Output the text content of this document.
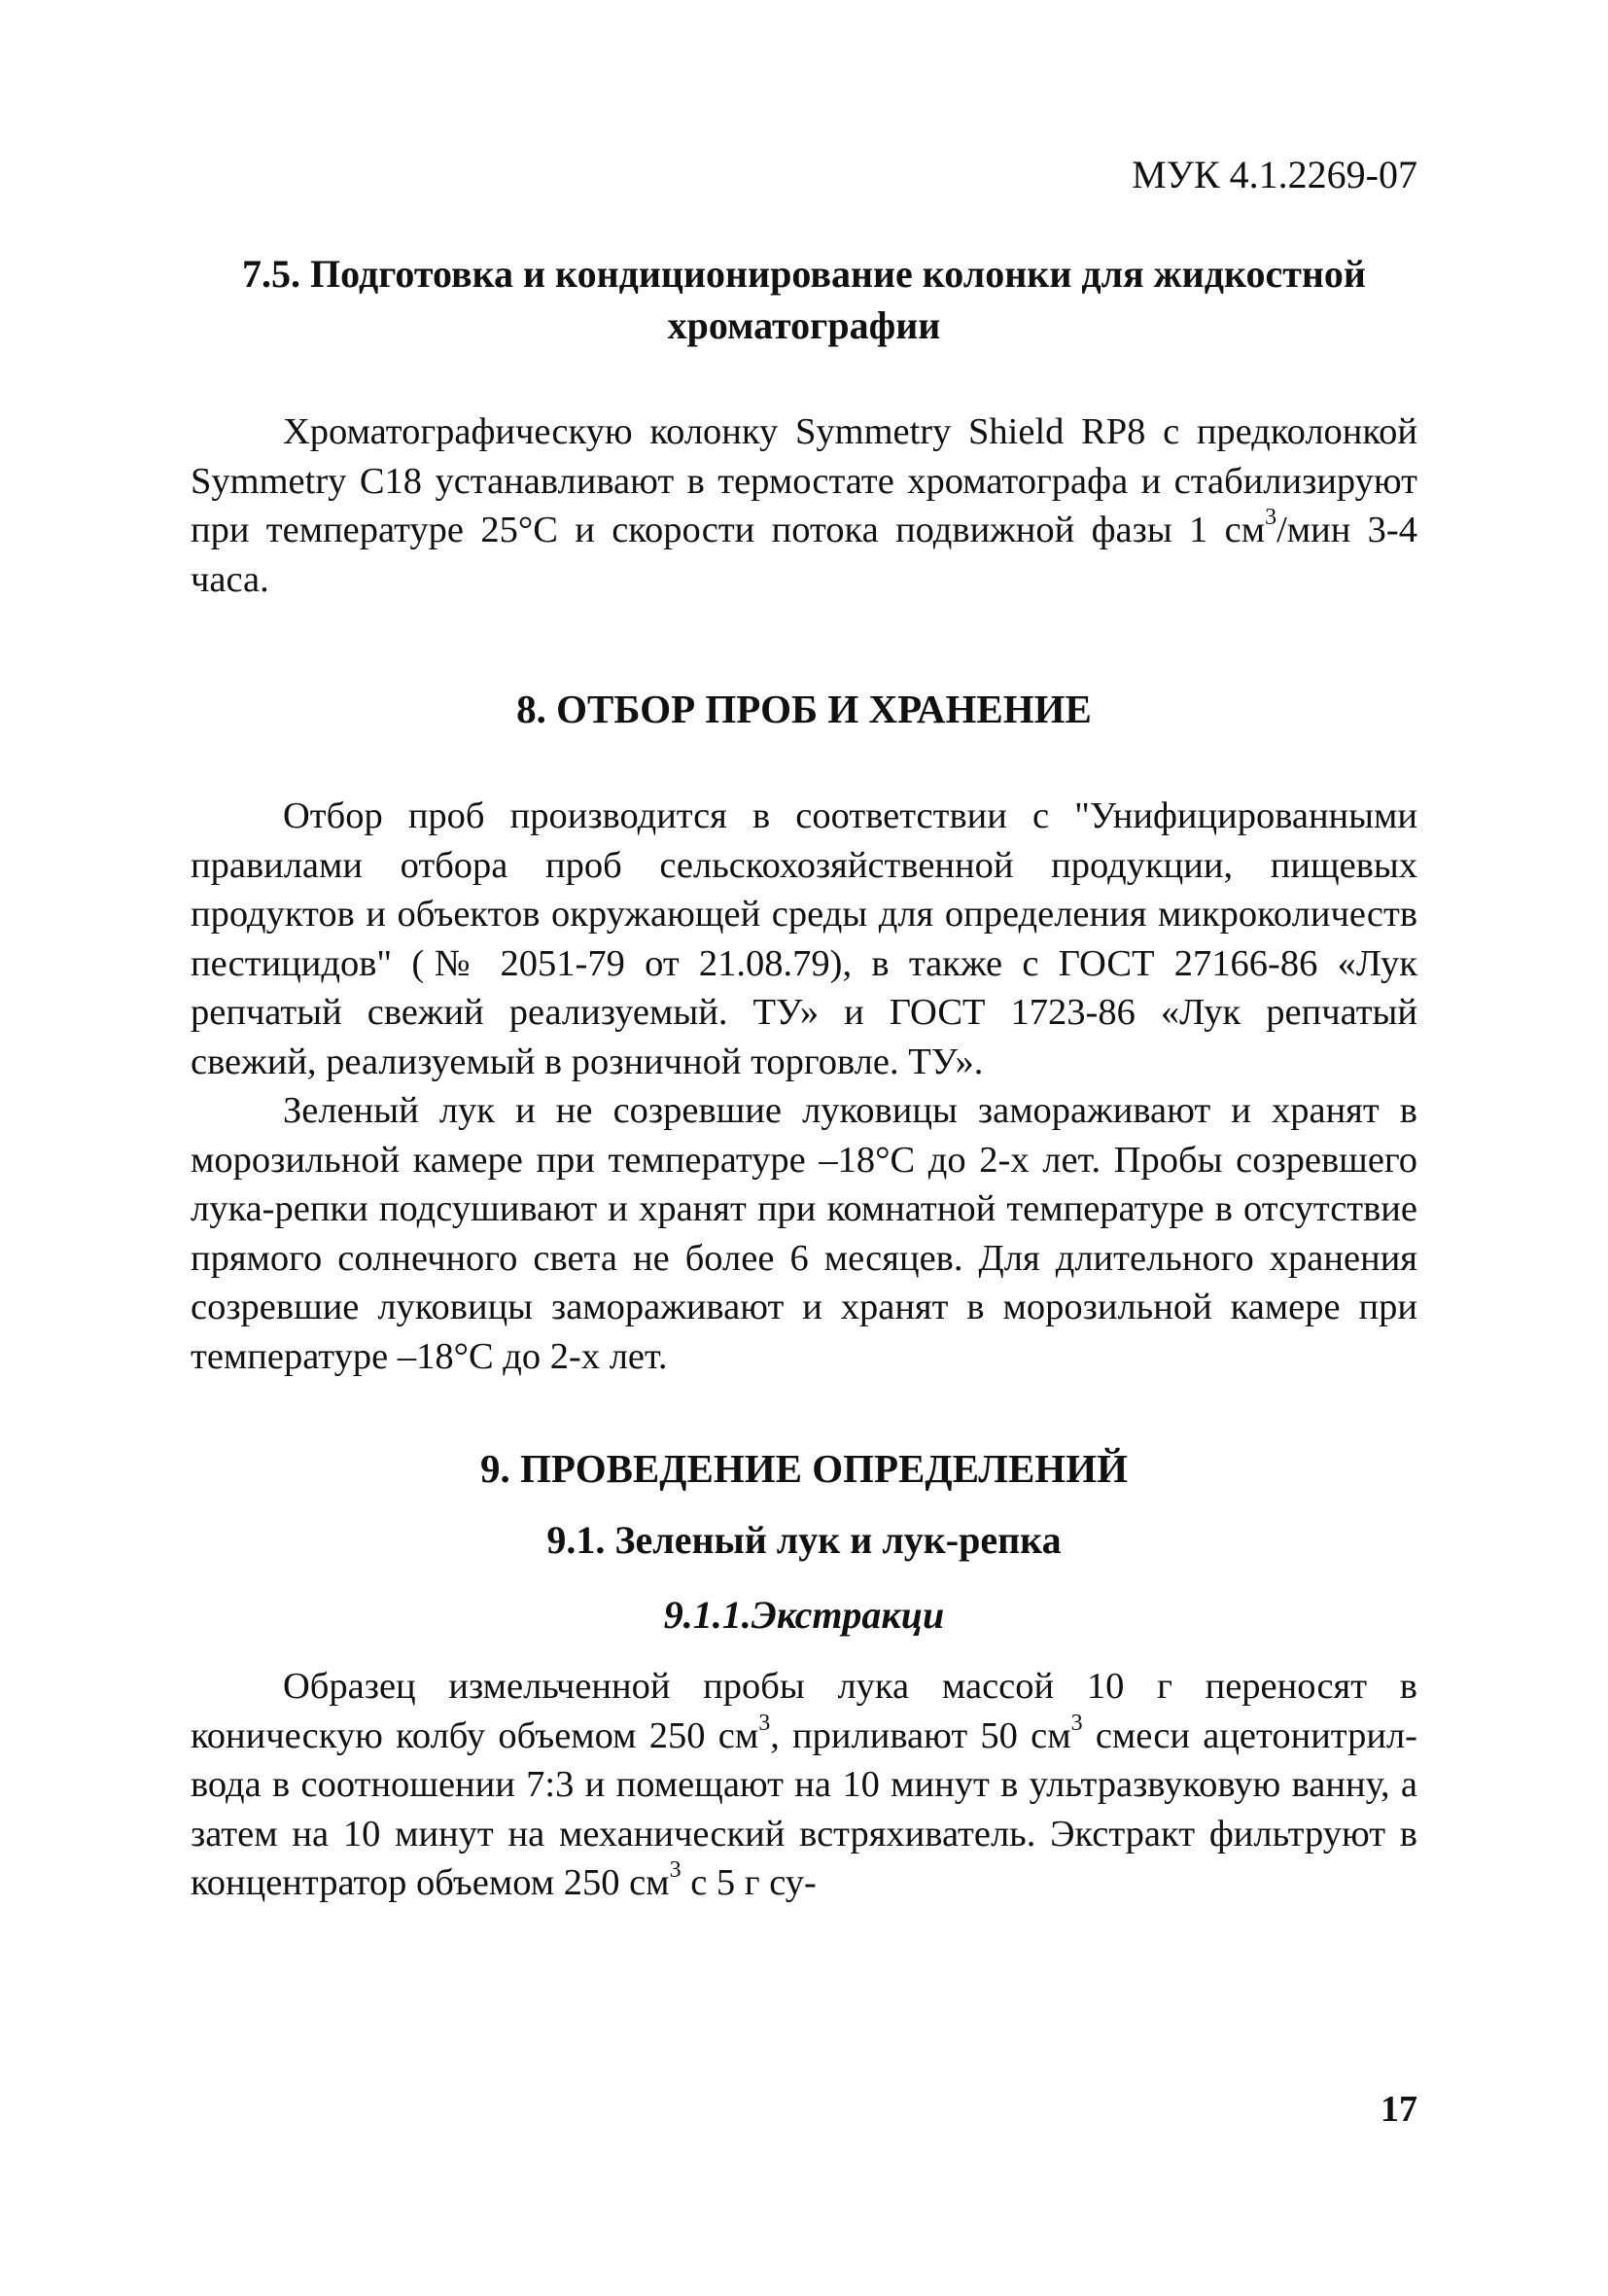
МУК 4.1.2269-07
7.5. Подготовка и кондиционирование колонки для жидкостной
хроматографии

Хроматографическую колонку Symmetry Shield RP8 с предколонкой Symmetry C18 устанавливают в термостате хроматографа и стабилизируют при температуре 25°С и скорости потока подвижной фазы 1 $см^3$/мин 3-4 часа.

8. ОТБОР ПРОБ И ХРАНЕНИЕ

Отбор проб производится в соответствии с "Унифицированными правилами отбора проб сельскохозяйственной продукции, пищевых продуктов и объектов окружающей среды для определения микроколичеств пестицидов" (№ 2051-79 от 21.08.79), в также с ГОСТ 27166-86 «Лук репчатый свежий реализуемый. ТУ» и ГОСТ 1723-86 «Лук репчатый свежий, реализуемый в розничной торговле. ТУ».

Зеленый лук и не созревшие луковицы замораживают и хранят в морозильной камере при температуре –18°С до 2-х лет. Пробы созревшего лука-репки подсушивают и хранят при комнатной температуре в отсутствие прямого солнечного света не более 6 месяцев. Для длительного хранения созревшие луковицы замораживают и хранят в морозильной камере при температуре –18°С до 2-х лет.

9. ПРОВЕДЕНИЕ ОПРЕДЕЛЕНИЙ
9.1. Зеленый лук и лук-репка
9.1.1.Экстракци

Образец измельченной пробы лука массой 10 г переносят в коническую колбу объемом 250 $см^3$, приливают 50 $см^3$ смеси ацетонитрил-вода в соотношении 7:3 и помещают на 10 минут в ультразвуковую ванну, а затем на 10 минут на механический встряхиватель. Экстракт фильтруют в концентратор объемом 250 $см^3$ с 5 г су-

17
